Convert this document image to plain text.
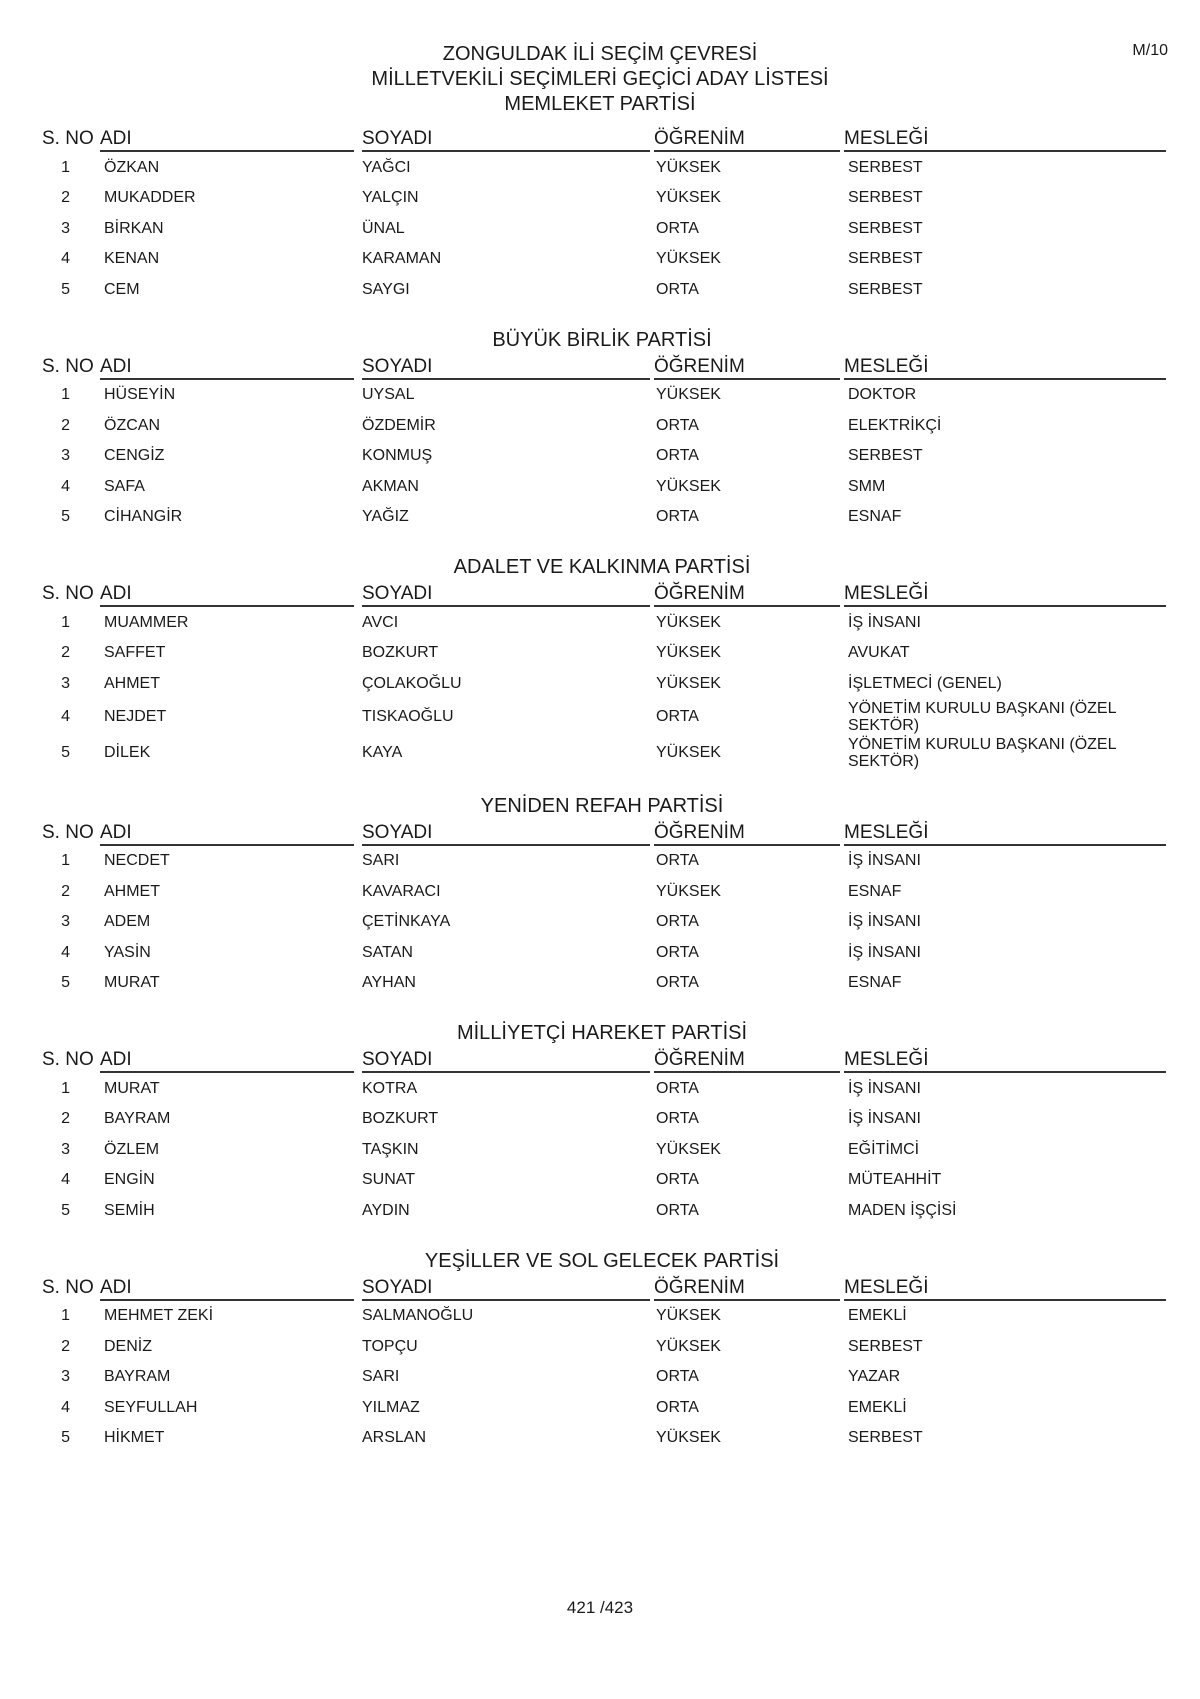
M/10
ZONGULDAK İLİ SEÇİM ÇEVRESİ
MİLLETVEKİLİ SEÇİMLERİ GEÇİCİ ADAY LİSTESİ
MEMLEKET PARTİSİ
S. NO ADI	SOYADI	ÖĞRENİM	MESLEĞİ
1	ÖZKAN	YAĞCI	YÜKSEK	SERBEST
2	MUKADDER	YALÇIN	YÜKSEK	SERBEST
3	BİRKAN	ÜNAL	ORTA	SERBEST
4	KENAN	KARAMAN	YÜKSEK	SERBEST
5	CEM	SAYGI	ORTA	SERBEST
BÜYÜK BİRLİK PARTİSİ
S. NO ADI	SOYADI	ÖĞRENİM	MESLEĞİ
1	HÜSEYİN	UYSAL	YÜKSEK	DOKTOR
2	ÖZCAN	ÖZDEMİR	ORTA	ELEKTRİKÇİ
3	CENGİZ	KONMUŞ	ORTA	SERBEST
4	SAFA	AKMAN	YÜKSEK	SMM
5	CİHANGİR	YAĞIZ	ORTA	ESNAF
ADALET VE KALKINMA PARTİSİ
S. NO ADI	SOYADI	ÖĞRENİM	MESLEĞİ
1	MUAMMER	AVCI	YÜKSEK	İŞ İNSANI
2	SAFFET	BOZKURT	YÜKSEK	AVUKAT
3	AHMET	ÇOLAKOĞLU	YÜKSEK	İŞLETMECİ (GENEL)
4	NEJDET	TISKAOĞLU	ORTA	YÖNETİM KURULU BAŞKANI (ÖZEL SEKTÖR)
5	DİLEK	KAYA	YÜKSEK	YÖNETİM KURULU BAŞKANI (ÖZEL SEKTÖR)
YENİDEN REFAH PARTİSİ
S. NO ADI	SOYADI	ÖĞRENİM	MESLEĞİ
1	NECDET	SARI	ORTA	İŞ İNSANI
2	AHMET	KAVARACI	YÜKSEK	ESNAF
3	ADEM	ÇETİNKAYA	ORTA	İŞ İNSANI
4	YASİN	SATAN	ORTA	İŞ İNSANI
5	MURAT	AYHAN	ORTA	ESNAF
MİLLİYETÇİ HAREKET PARTİSİ
S. NO ADI	SOYADI	ÖĞRENİM	MESLEĞİ
1	MURAT	KOTRA	ORTA	İŞ İNSANI
2	BAYRAM	BOZKURT	ORTA	İŞ İNSANI
3	ÖZLEM	TAŞKIN	YÜKSEK	EĞİTİMCİ
4	ENGİN	SUNAT	ORTA	MÜTEAHHİT
5	SEMİH	AYDIN	ORTA	MADEN İŞÇİSİ
YEŞİLLER VE SOL GELECEK PARTİSİ
S. NO ADI	SOYADI	ÖĞRENİM	MESLEĞİ
1	MEHMET ZEKİ	SALMANOĞLU	YÜKSEK	EMEKLİ
2	DENİZ	TOPÇU	YÜKSEK	SERBEST
3	BAYRAM	SARI	ORTA	YAZAR
4	SEYFULLAH	YILMAZ	ORTA	EMEKLİ
5	HİKMET	ARSLAN	YÜKSEK	SERBEST
421 /423
